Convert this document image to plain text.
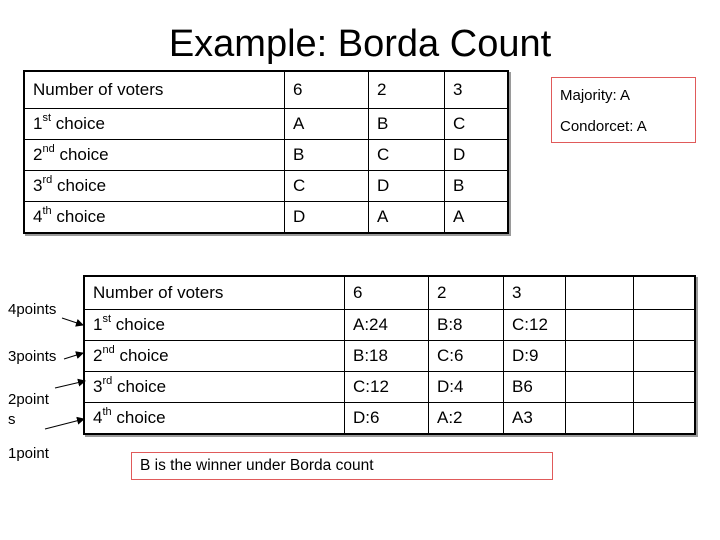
Example: Borda Count
Number of voters	6	2	3
1st choice	A	B	C
2nd choice	B	C	D
3rd choice	C	D	B
4th choice	D	A	A
Majority: A
Condorcet: A
4points
3points
2point
s
1point
Number of voters	6	2	3		
1st choice	A:24	B:8	C:12		
2nd choice	B:18	C:6	D:9		
3rd choice	C:12	D:4	B6		
4th choice	D:6	A:2	A3		
B is the winner under Borda count
